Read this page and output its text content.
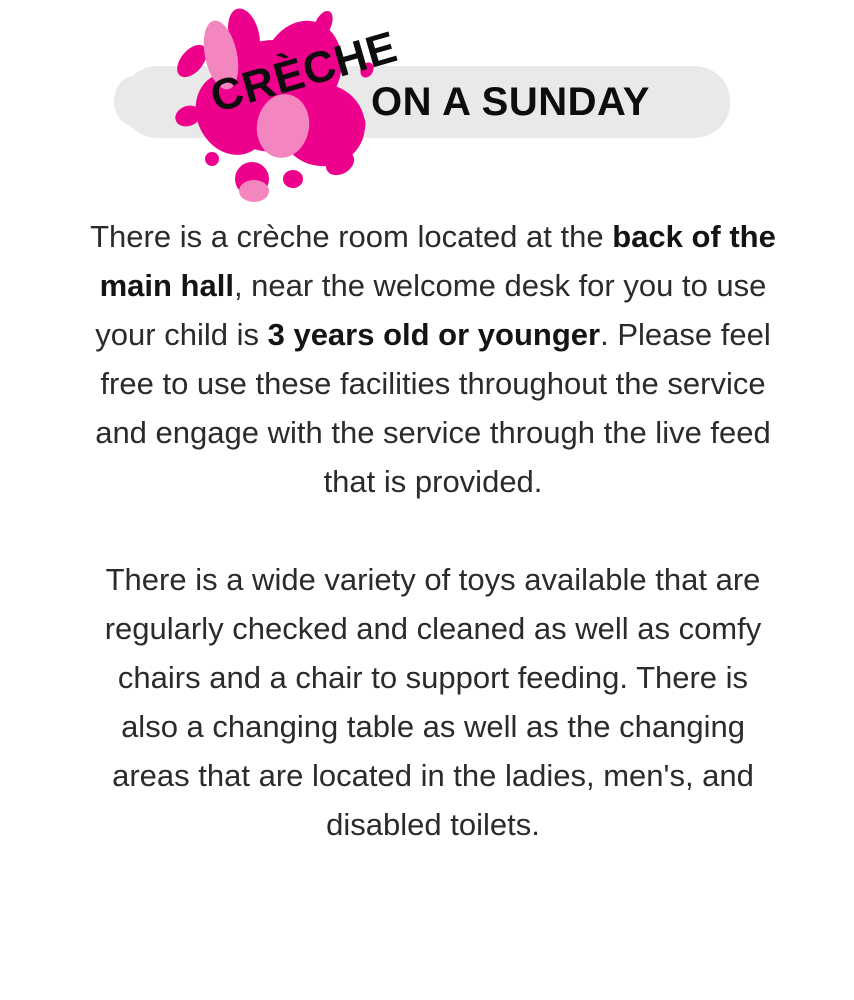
CRÈCHE
ON A SUNDAY

There is a crèche room located at the back of the main hall, near the welcome desk for you to use your child is 3 years old or younger. Please feel free to use these facilities throughout the service and engage with the service through the live feed that is provided.

There is a wide variety of toys available that are regularly checked and cleaned as well as comfy chairs and a chair to support feeding. There is also a changing table as well as the changing areas that are located in the ladies, men's, and disabled toilets.
